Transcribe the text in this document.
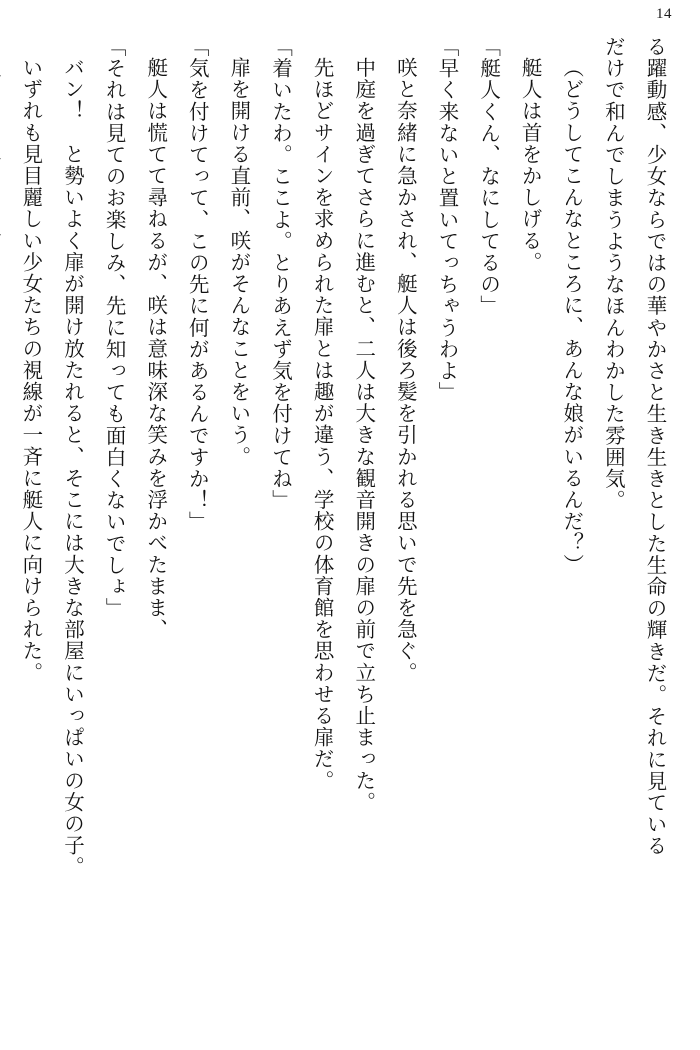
14

る躍動感、少女ならではの華やかさと生き生きとした生命の輝きだ。それに見ている

だけで和んでしまうようなほんわかした雰囲気。

（どうしてこんなところに、あんな娘がいるんだ？）

艇人は首をかしげる。

「艇人くん、なにしてるの」

「早く来ないと置いてっちゃうわよ」

咲と奈緒に急かされ、艇人は後ろ髪を引かれる思いで先を急ぐ。

中庭を過ぎてさらに進むと、二人は大きな観音開きの扉の前で立ち止まった。

先ほどサインを求められた扉とは趣が違う、学校の体育館を思わせる扉だ。

「着いたわ。ここよ。とりあえず気を付けてね」

扉を開ける直前、咲がそんなことをいう。

「気を付けてって、この先に何があるんですか！」

艇人は慌てて尋ねるが、咲は意味深な笑みを浮かべたまま、

「それは見てのお楽しみ、先に知っても面白くないでしょ」

バン！　と勢いよく扉が開け放たれると、そこには大きな部屋にいっぱいの女の子。

いずれも見目麗しい少女たちの視線が一斉に艇人に向けられた。
